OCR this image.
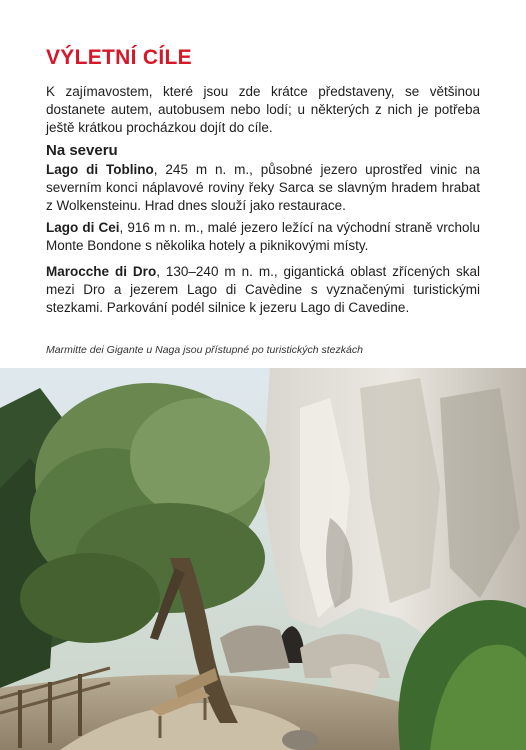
VÝLETNÍ CÍLE

K zajímavostem, které jsou zde krátce představeny, se většinou dostanete autem, autobusem nebo lodí; u některých z nich je potřeba ještě krátkou procházkou dojít do cíle.

Na severu

Lago di Toblino, 245 m n. m., působné jezero uprostřed vinic na severním konci náplavové roviny řeky Sarca se slavným hradem hrabat z Wolkensteinu. Hrad dnes slouží jako restaurace.

Lago di Cei, 916 m n. m., malé jezero ležící na východní straně vrcholu Monte Bondone s několika hotely a piknikovými místy.

Marocche di Dro, 130–240 m n. m., gigantická oblast zřícených skal mezi Dro a jezerem Lago di Cavèdine s vyznačenými turistickými stezkami. Parkování podél silnice k jezeru Lago di Cavedine.

Marmitte dei Gigante u Naga jsou přístupné po turistických stezkách
